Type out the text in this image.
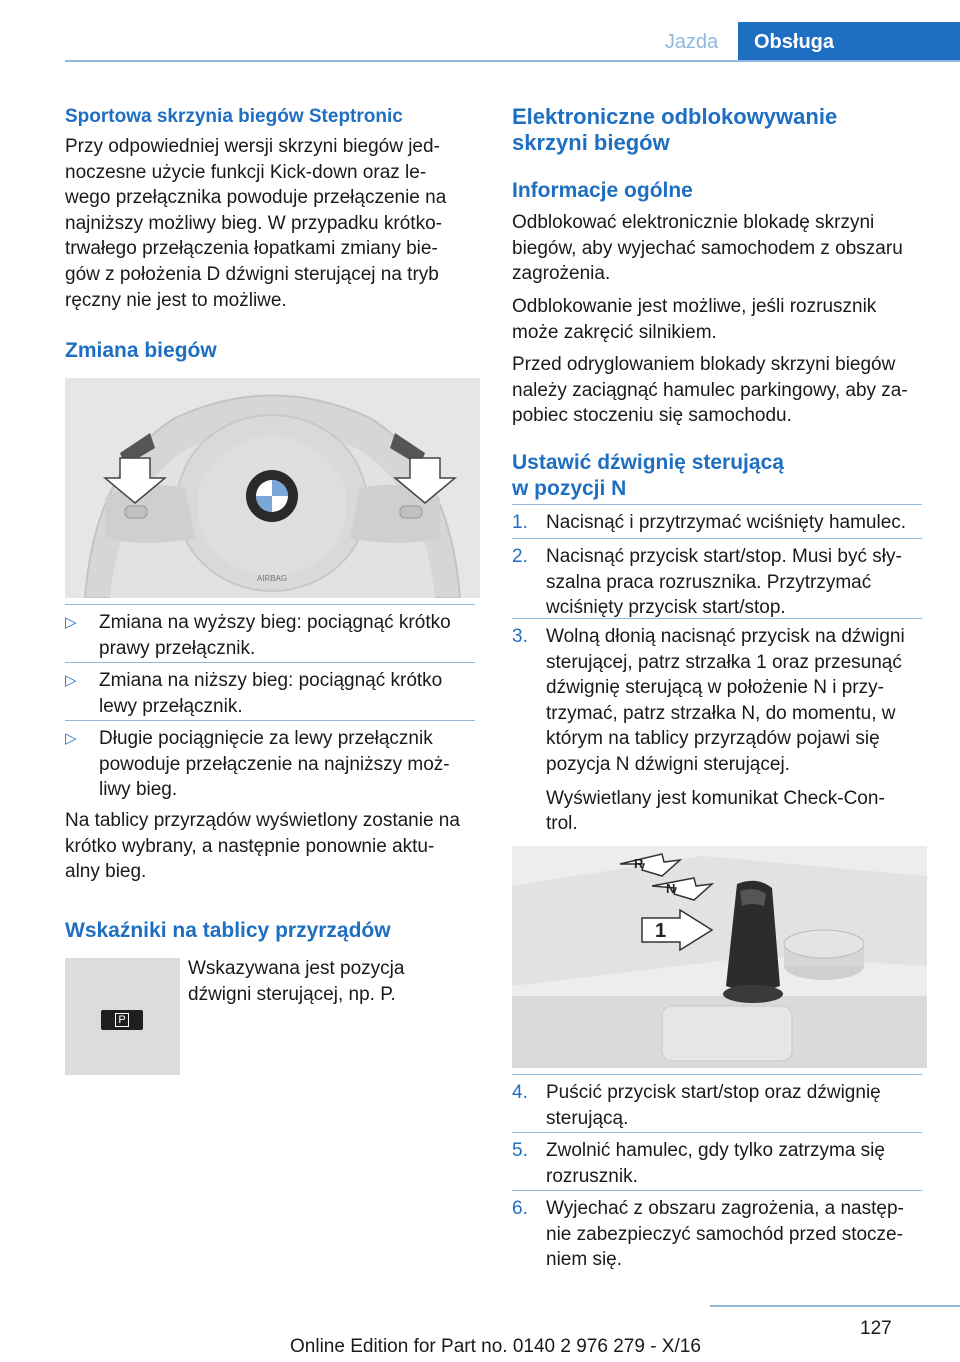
Jazda	Obsługa
Sportowa skrzynia biegów Steptronic
Przy odpowiedniej wersji skrzyni biegów jed-
noczesne użycie funkcji Kick-down oraz le-
wego przełącznika powoduje przełączenie na
najniższy możliwy bieg. W przypadku krótko-
trwałego przełączenia łopatkami zmiany bie-
gów z położenia D dźwigni sterującej na tryb
ręczny nie jest to możliwe.
Zmiana biegów
AIRBAG
▷ Zmiana na wyższy bieg: pociągnąć krótko
prawy przełącznik.
▷ Zmiana na niższy bieg: pociągnąć krótko
lewy przełącznik.
▷ Długie pociągnięcie za lewy przełącznik
powoduje przełączenie na najniższy moż-
liwy bieg.
Na tablicy przyrządów wyświetlony zostanie na
krótko wybrany, a następnie ponownie aktu-
alny bieg.
Wskaźniki na tablicy przyrządów
P
Wskazywana jest pozycja
dźwigni sterującej, np. P.
Elektroniczne odblokowywanie
skrzyni biegów
Informacje ogólne
Odblokować elektronicznie blokadę skrzyni
biegów, aby wyjechać samochodem z obszaru
zagrożenia.
Odblokowanie jest możliwe, jeśli rozrusznik
może zakręcić silnikiem.
Przed odryglowaniem blokady skrzyni biegów
należy zaciągnąć hamulec parkingowy, aby za-
pobiec stoczeniu się samochodu.
Ustawić dźwignię sterującą
w pozycji N
1. Nacisnąć i przytrzymać wciśnięty hamulec.
2. Nacisnąć przycisk start/stop. Musi być sły-
szalna praca rozrusznika. Przytrzymać
wciśnięty przycisk start/stop.
3. Wolną dłonią nacisnąć przycisk na dźwigni
sterującej, patrz strzałka 1 oraz przesunąć
dźwignię sterującą w położenie N i przy-
trzymać, patrz strzałka N, do momentu, w
którym na tablicy przyrządów pojawi się
pozycja N dźwigni sterującej.
Wyświetlany jest komunikat Check-Con-
trol.
R
N
1
4. Puścić przycisk start/stop oraz dźwignię
sterującą.
5. Zwolnić hamulec, gdy tylko zatrzyma się
rozrusznik.
6. Wyjechać z obszaru zagrożenia, a następ-
nie zabezpieczyć samochód przed stocze-
niem się.
127
Online Edition for Part no. 0140 2 976 279 - X/16
